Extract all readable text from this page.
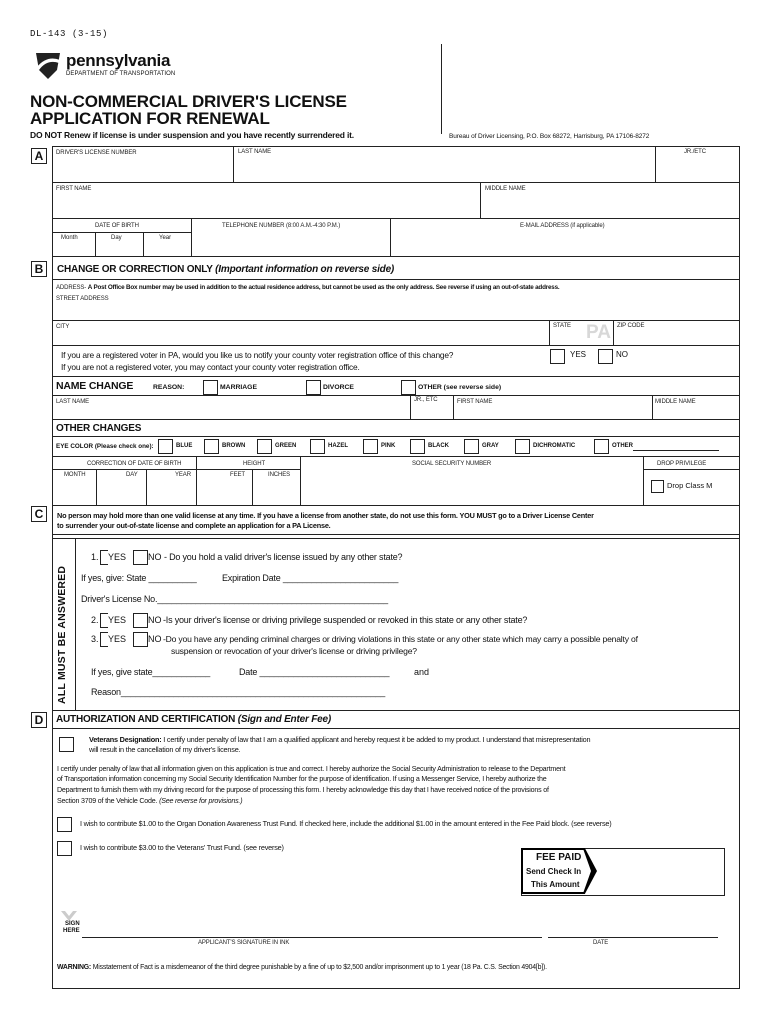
DL-143 (3-15)
pennsylvania
DEPARTMENT OF TRANSPORTATION
NON-COMMERCIAL DRIVER'S LICENSE
APPLICATION FOR RENEWAL
DO NOT Renew if license is under suspension and you have recently surrendered it.	Bureau of Driver Licensing, P.O. Box 68272, Harrisburg, PA 17106-8272
A	DRIVER'S LICENSE NUMBER	LAST NAME	JR./ETC
FIRST NAME	MIDDLE NAME
DATE OF BIRTH
Month	Day	Year
TELEPHONE NUMBER (8:00 A.M.-4:30 P.M.)	E-MAIL ADDRESS (if applicable)
B	CHANGE OR CORRECTION ONLY (Important information on reverse side)
ADDRESS- A Post Office Box number may be used in addition to the actual residence address, but cannot be used as the only address. See reverse if using an out-of-state address.
STREET ADDRESS
CITY	STATE PA ZIP CODE
If you are a registered voter in PA, would you like us to notify your county voter registration office of this change?
If you are not a registered voter, you may contact your county voter registration office.
YES	NO
NAME CHANGE	REASON:	MARRIAGE	DIVORCE	OTHER (see reverse side)
LAST NAME	JR., ETC	FIRST NAME	MIDDLE NAME
OTHER CHANGES
EYE COLOR (Please check one):	BLUE	BROWN	GREEN	HAZEL	PINK	BLACK	GRAY	DICHROMATIC	OTHER
CORRECTION OF DATE OF BIRTH
MONTH	DAY	YEAR
HEIGHT
FEET	INCHES
SOCIAL SECURITY NUMBER	DROP PRIVILEGE
Drop Class M
C	No person may hold more than one valid license at any time. If you have a license from another state, do not use this form. YOU MUST go to a Driver License Center
to surrender your out-of-state license and complete an application for a PA License.
ALL MUST BE ANSWERED
1. YES NO - Do you hold a valid driver's license issued by any other state?
If yes, give: State __________	Expiration Date ________________________
Driver's License No.________________________________________________
2. YES NO -Is your driver's license or driving privilege suspended or revoked in this state or any other state?
3. YES NO -Do you have any pending criminal charges or driving violations in this state or any other state which may carry a possible penalty of
suspension or revocation of your driver's license or driving privilege?
If yes, give state____________	Date ___________________________	and
Reason_______________________________________________________
D	AUTHORIZATION AND CERTIFICATION (Sign and Enter Fee)
Veterans Designation: I certify under penalty of law that I am a qualified applicant and hereby request it be added to my product. I understand that misrepresentation
will result in the cancellation of my driver's license.
I certify under penalty of law that all information given on this application is true and correct. I hereby authorize the Social Security Administration to release to the Department
of Transportation information concerning my Social Security Identification Number for the purpose of identification. If using a Messenger Service, I hereby authorize the
Department to furnish them with my driving record for the purpose of processing this form. I hereby acknowledge this day that I have received notice of the provisions of
Section 3709 of the Vehicle Code. (See reverse for provisions.)
I wish to contribute $1.00 to the Organ Donation Awareness Trust Fund. If checked here, include the additional $1.00 in the amount entered in the Fee Paid block. (see reverse)
I wish to contribute $3.00 to the Veterans' Trust Fund. (see reverse)
FEE PAID
Send Check In
This Amount
SIGN
HERE
APPLICANT'S SIGNATURE IN INK	DATE
WARNING: Misstatement of Fact is a misdemeanor of the third degree punishable by a fine of up to $2,500 and/or imprisonment up to 1 year (18 Pa. C.S. Section 4904[b]).
